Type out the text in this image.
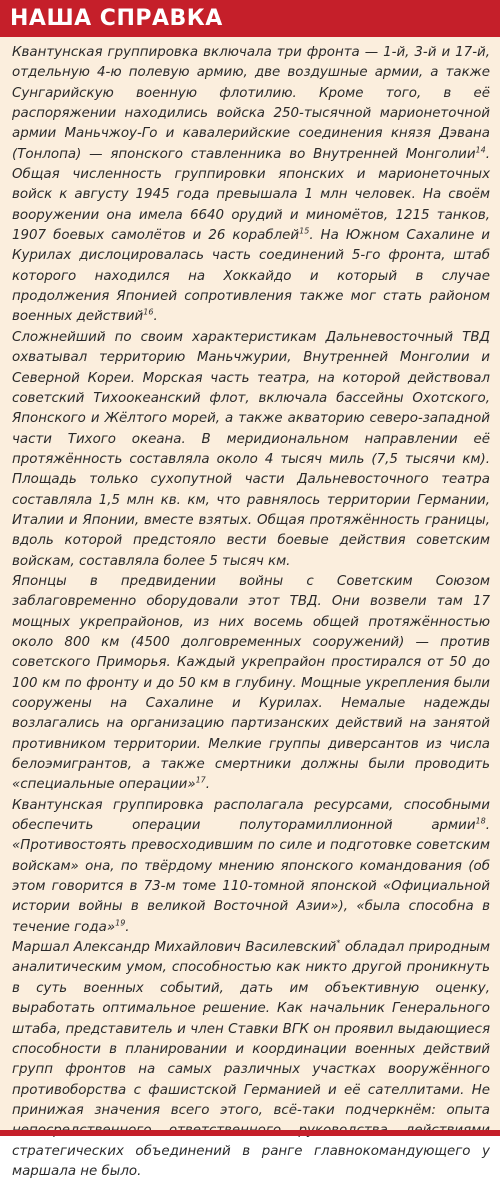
НАША СПРАВКА

Квантунская группировка включала три фронта — 1-й, 3-й и 17-й, отдельную 4-ю полевую армию, две воздушные армии, а также Сунгарийскую военную флотилию. Кроме того, в её распоряжении находились войска 250-тысячной марионеточной армии Маньчжоу-Го и кавалерийские соединения князя Дэвана (Тонлопа) — японского ставленника во Внутренней Монголии$^{14}$. Общая численность группировки японских и марионеточных войск к августу 1945 года превышала 1 млн человек. На своём вооружении она имела 6640 орудий и миномётов, 1215 танков, 1907 боевых самолётов и 26 кораблей$^{15}$. На Южном Сахалине и Курилах дислоцировалась часть соединений 5-го фронта, штаб которого находился на Хоккайдо и который в случае продолжения Японией сопротивления также мог стать районом военных действий$^{16}$.

Сложнейший по своим характеристикам Дальневосточный ТВД охватывал территорию Маньчжурии, Внутренней Монголии и Северной Кореи. Морская часть театра, на которой действовал советский Тихоокеанский флот, включала бассейны Охотского, Японского и Жёлтого морей, а также акваторию северо-западной части Тихого океана. В меридиональном направлении её протяжённость составляла около 4 тысяч миль (7,5 тысячи км). Площадь только сухопутной части Дальневосточного театра составляла 1,5 млн кв. км, что равнялось территории Германии, Италии и Японии, вместе взятых. Общая протяжённость границы, вдоль которой предстояло вести боевые действия советским войскам, составляла более 5 тысяч км.

Японцы в предвидении войны с Советским Союзом заблаговременно оборудовали этот ТВД. Они возвели там 17 мощных укрепрайонов, из них восемь общей протяжённостью около 800 км (4500 долговременных сооружений) — против советского Приморья. Каждый укрепрайон простирался от 50 до 100 км по фронту и до 50 км в глубину. Мощные укрепления были сооружены на Сахалине и Курилах. Немалые надежды возлагались на организацию партизанских действий на занятой противником территории. Мелкие группы диверсантов из числа белоэмигрантов, а также смертники должны были проводить «специальные операции»$^{17}$.

Квантунская группировка располагала ресурсами, способными обеспечить операции полуторамиллионной армии$^{18}$. «Противостоять превосходившим по силе и подготовке советским войскам» она, по твёрдому мнению японского командования (об этом говорится в 73-м томе 110-томной японской «Официальной истории войны в великой Восточной Азии»), «была способна в течение года»$^{19}$.

Маршал Александр Михайлович Василевский* обладал природным аналитическим умом, способностью как никто другой проникнуть в суть военных событий, дать им объективную оценку, выработать оптимальное решение. Как начальник Генерального штаба, представитель и член Ставки ВГК он проявил выдающиеся способности в планировании и координации военных действий групп фронтов на самых различных участках вооружённого противоборства с фашистской Германией и её сателлитами. Не принижая значения всего этого, всё-таки подчеркнём: опыта стратегических объединений в ранге главнокомандующего у маршала не было.
